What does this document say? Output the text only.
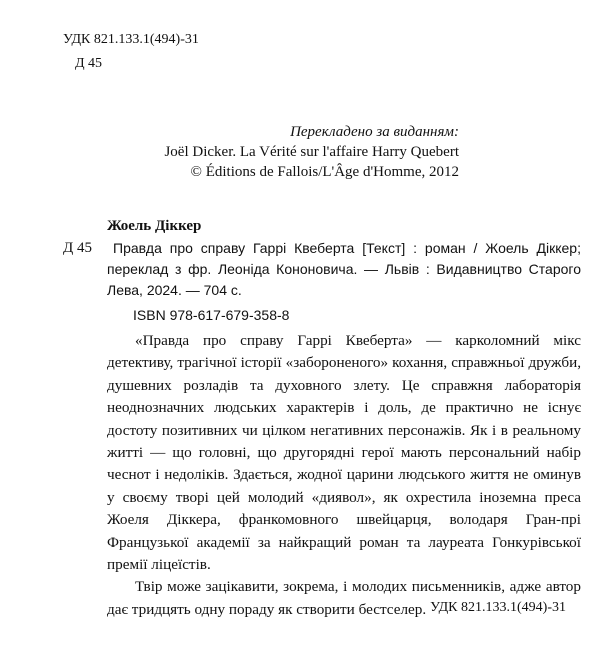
УДК 821.133.1(494)-31
Д 45
Перекладено за виданням:
Joël Dicker. La Vérité sur l'affaire Harry Quebert
© Éditions de Fallois/L'Âge d'Homme, 2012
Жоель Діккер
Д 45	Правда про справу Гаррі Квеберта [Текст] : роман / Жоель Діккер; переклад з фр. Леоніда Кононовича. — Львів : Видавництво Старого Лева, 2024. — 704 с.

ISBN 978-617-679-358-8

«Правда про справу Гаррі Квеберта» — карколомний мікс детективу, трагічної історії «забороненого» кохання, справжньої дружби, душевних розладів та духовного злету. Це справжня лабораторія неоднозначних людських характерів і доль, де практично не існує достоту позитивних чи цілком негативних персонажів. Як і в реальному житті — що головні, що другорядні герої мають персональний набір чеснот і недоліків. Здається, жодної царини людського життя не оминув у своєму творі цей молодий «диявол», як охрестила іноземна преса Жоеля Діккера, франкомовного швейцарця, володаря Гран-прі Французької академії за найкращий роман та лауреата Гонкурівської премії ліцеїстів.

Твір може зацікавити, зокрема, і молодих письменників, адже автор дає тридцять одну пораду як створити бестселер. УДК 821.133.1(494)-31
